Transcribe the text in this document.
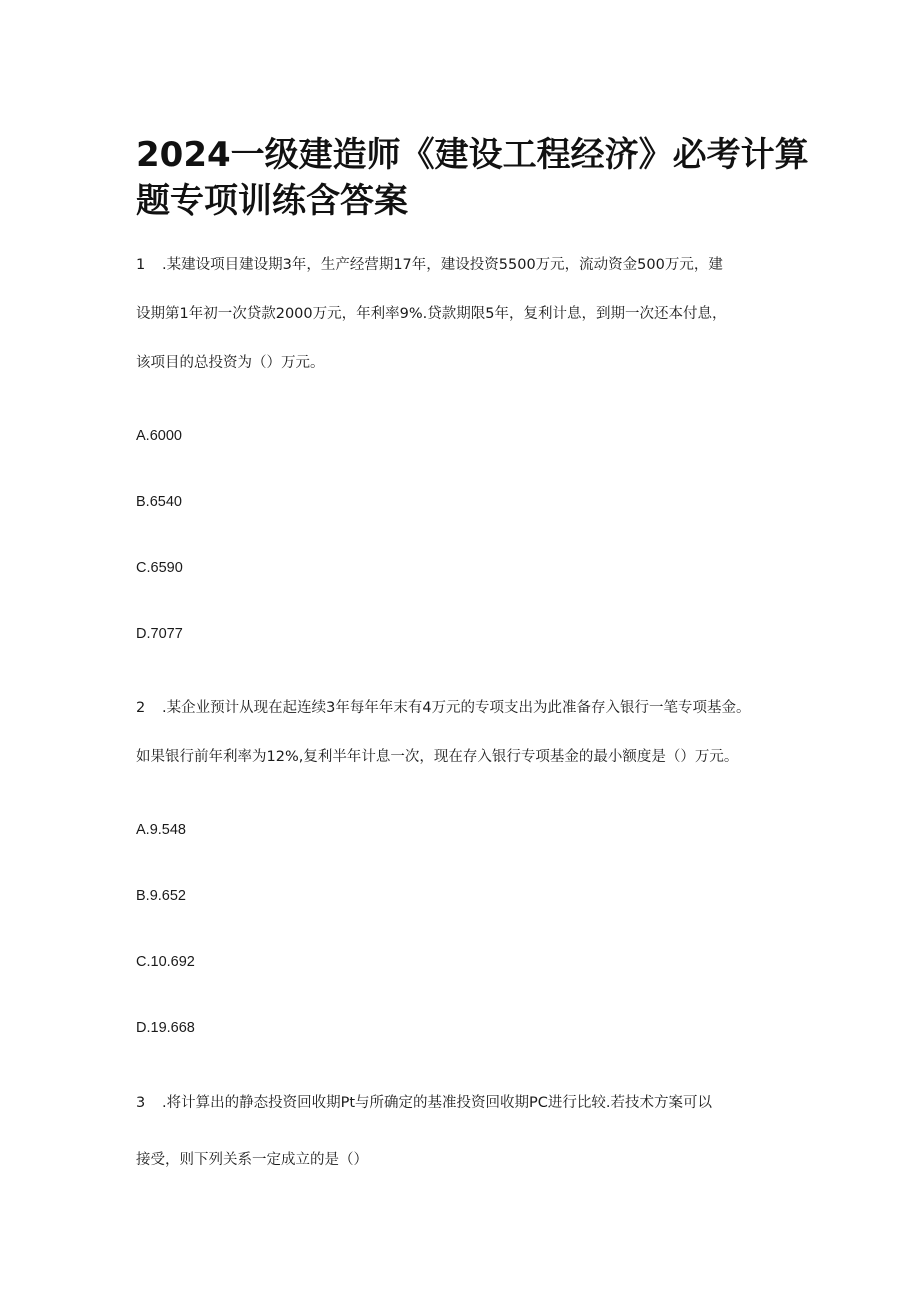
2024一级建造师《建设工程经济》必考计算
题专项训练含答案

1 .某建设项目建设期3年，生产经营期17年，建设投资5500万元，流动资金500万元，建

设期第1年初一次贷款2000万元，年利率9%.贷款期限5年，复利计息，到期一次还本付息，

该项目的总投资为（）万元。

A.6000

B.6540

C.6590

D.7077

2 .某企业预计从现在起连续3年每年年末有4万元的专项支出为此准备存入银行一笔专项基金。

如果银行前年利率为12%,复利半年计息一次，现在存入银行专项基金的最小额度是（）万元。

A.9.548

B.9.652

C.10.692

D.19.668

3 .将计算出的静态投资回收期Pt与所确定的基准投资回收期PC进行比较.若技术方案可以

接受，则下列关系一定成立的是（）
